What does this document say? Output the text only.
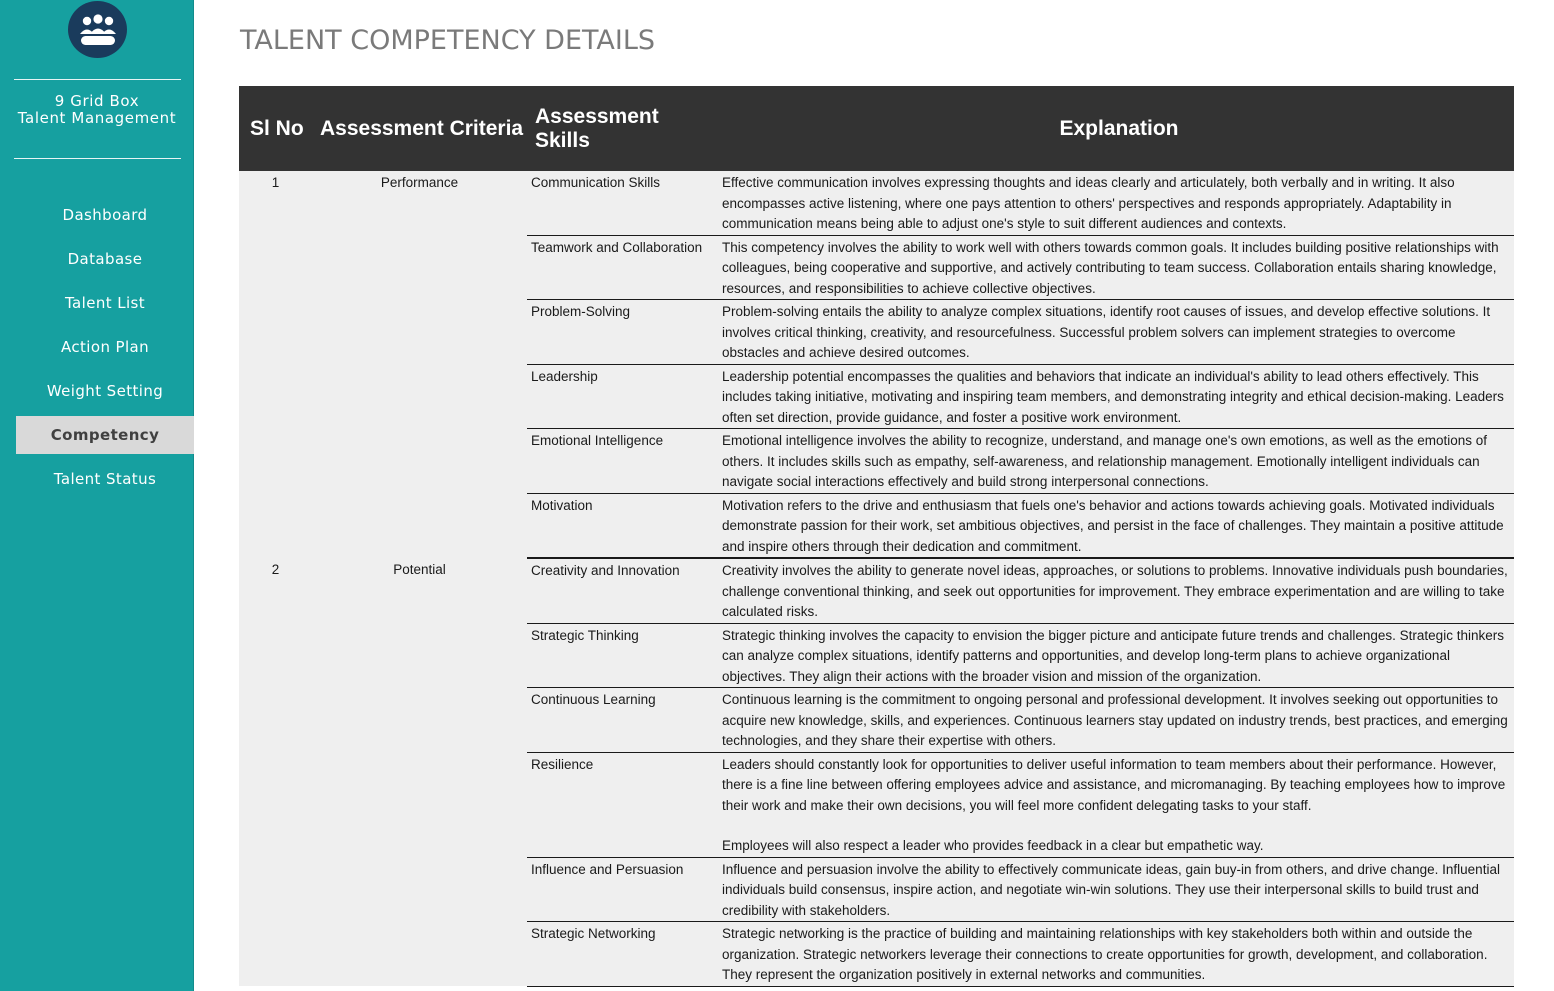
9 Grid Box
Talent Management
Dashboard
Database
Talent List
Action Plan
Weight Setting
Competency
Talent Status
TALENT COMPETENCY DETAILS
Sl No	Assessment Criteria	Assessment Skills	Explanation
1	Performance	Communication Skills	Effective communication involves expressing thoughts and ideas clearly and articulately, both verbally and in writing. It also encompasses active listening, where one pays attention to others' perspectives and responds appropriately. Adaptability in communication means being able to adjust one's style to suit different audiences and contexts.

		Teamwork and Collaboration	This competency involves the ability to work well with others towards common goals. It includes building positive relationships with colleagues, being cooperative and supportive, and actively contributing to team success. Collaboration entails sharing knowledge, resources, and responsibilities to achieve collective objectives.

		Problem-Solving	Problem-solving entails the ability to analyze complex situations, identify root causes of issues, and develop effective solutions. It involves critical thinking, creativity, and resourcefulness. Successful problem solvers can implement strategies to overcome obstacles and achieve desired outcomes.

		Leadership	Leadership potential encompasses the qualities and behaviors that indicate an individual's ability to lead others effectively. This includes taking initiative, motivating and inspiring team members, and demonstrating integrity and ethical decision-making. Leaders often set direction, provide guidance, and foster a positive work environment.

		Emotional Intelligence	Emotional intelligence involves the ability to recognize, understand, and manage one's own emotions, as well as the emotions of others. It includes skills such as empathy, self-awareness, and relationship management. Emotionally intelligent individuals can navigate social interactions effectively and build strong interpersonal connections.

		Motivation	Motivation refers to the drive and enthusiasm that fuels one's behavior and actions towards achieving goals. Motivated individuals demonstrate passion for their work, set ambitious objectives, and persist in the face of challenges. They maintain a positive attitude and inspire others through their dedication and commitment.

2	Potential	Creativity and Innovation	Creativity involves the ability to generate novel ideas, approaches, or solutions to problems. Innovative individuals push boundaries, challenge conventional thinking, and seek out opportunities for improvement. They embrace experimentation and are willing to take calculated risks.

		Strategic Thinking	Strategic thinking involves the capacity to envision the bigger picture and anticipate future trends and challenges. Strategic thinkers can analyze complex situations, identify patterns and opportunities, and develop long-term plans to achieve organizational objectives. They align their actions with the broader vision and mission of the organization.

		Continuous Learning	Continuous learning is the commitment to ongoing personal and professional development. It involves seeking out opportunities to acquire new knowledge, skills, and experiences. Continuous learners stay updated on industry trends, best practices, and emerging technologies, and they share their expertise with others.

		Resilience	Leaders should constantly look for opportunities to deliver useful information to team members about their performance. However, there is a fine line between offering employees advice and assistance, and micromanaging. By teaching employees how to improve their work and make their own decisions, you will feel more confident delegating tasks to your staff.
Employees will also respect a leader who provides feedback in a clear but empathetic way.

		Influence and Persuasion	Influence and persuasion involve the ability to effectively communicate ideas, gain buy-in from others, and drive change. Influential individuals build consensus, inspire action, and negotiate win-win solutions. They use their interpersonal skills to build trust and credibility with stakeholders.

		Strategic Networking	Strategic networking is the practice of building and maintaining relationships with key stakeholders both within and outside the organization. Strategic networkers leverage their connections to create opportunities for growth, development, and collaboration. They represent the organization positively in external networks and communities.
